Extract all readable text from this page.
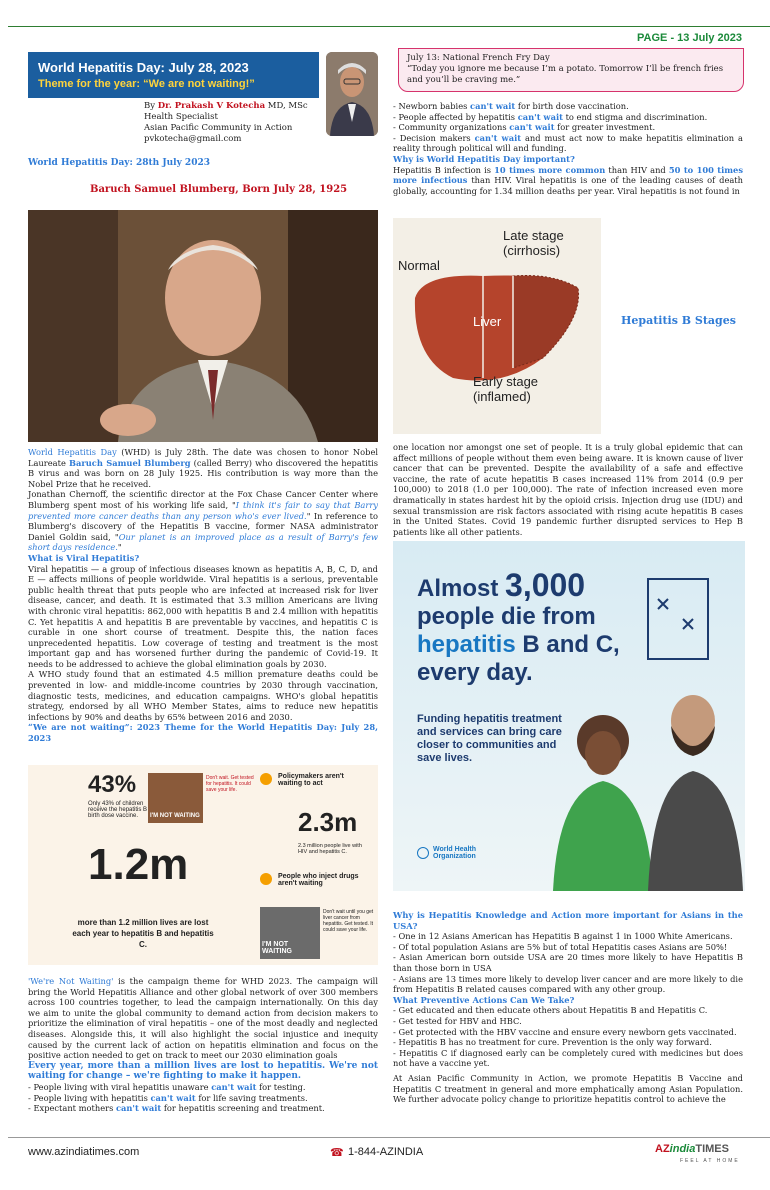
PAGE - 13 July 2023
World Hepatitis Day: July 28, 2023
Theme for the year: “We are not waiting!”
By Dr. Prakash V Kotecha MD, MSc
Health Specialist
Asian Pacific Community in Action
pvkotecha@gmail.com
July 13: National French Fry Day
“Today you ignore me because I’m a potato. Tomorrow I’ll be french fries and you’ll be craving me.”
World Hepatitis Day: 28th July 2023
Baruch Samuel Blumberg, Born July 28, 1925

World Hepatitis Day (WHD) is July 28th. The date was chosen to honor Nobel Laureate Baruch Samuel Blumberg (called Berry) who discovered the hepatitis B virus and was born on 28 July 1925. His contribution is way more than the Nobel Prize that he received.

Jonathan Chernoff, the scientific director at the Fox Chase Cancer Center where Blumberg spent most of his working life said, "I think it's fair to say that Barry prevented more cancer deaths than any person who's ever lived." In reference to Blumberg's discovery of the Hepatitis B vaccine, former NASA administrator Daniel Goldin said, "Our planet is an improved place as a result of Barry's few short days residence."

What is Viral Hepatitis?

Viral hepatitis — a group of infectious diseases known as hepatitis A, B, C, D, and E — affects millions of people worldwide. Viral hepatitis is a serious, preventable public health threat that puts people who are infected at increased risk for liver disease, cancer, and death. It is estimated that 3.3 million Americans are living with chronic viral hepatitis: 862,000 with hepatitis B and 2.4 million with hepatitis C. Yet hepatitis A and hepatitis B are preventable by vaccines, and hepatitis C is curable in one short course of treatment. Despite this, the nation faces unprecedented hepatitis. Low coverage of testing and treatment is the most important gap and has worsened further during the pandemic of Covid-19. It needs to be addressed to achieve the global elimination goals by 2030.

A WHO study found that an estimated 4.5 million premature deaths could be prevented in low- and middle-income countries by 2030 through vaccination, diagnostic tests, medicines, and education campaigns. WHO's global hepatitis strategy, endorsed by all WHO Member States, aims to reduce new hepatitis infections by 90% and deaths by 65% between 2016 and 2030.

“We are not waiting”: 2023 Theme for the World Hepatitis Day: July 28, 2023

43%
Only 43% of children receive the hepatitis B birth dose vaccine.	I'M NOT WAITING
Don't wait. Get tested for hepatitis. It could save your life.
1.2m
more than 1.2 million lives are lost each year to hepatitis B and hepatitis C.
Policymakers aren't waiting to act
2.3m
2.3 million people live with HIV and hepatitis C.
People who inject drugs aren't waiting
I'M NOT WAITING
Don't wait until you get liver cancer from hepatitis. Get tested. It could save your life.

'We're Not Waiting' is the campaign theme for WHD 2023. The campaign will bring the World Hepatitis Alliance and other global network of over 300 members across 100 countries together, to lead the campaign internationally. On this day we aim to unite the global community to demand action from decision makers to prioritize the elimination of viral hepatitis – one of the most deadly and neglected diseases. Alongside this, it will also highlight the social injustice and inequity caused by the current lack of action on hepatitis elimination and focus on the positive action needed to get on track to meet our 2030 elimination goals

Every year, more than a million lives are lost to hepatitis. We're not waiting for change – we're fighting to make it happen.

- People living with viral hepatitis unaware can't wait for testing.
- People living with hepatitis can't wait for life saving treatments.
- Expectant mothers can't wait for hepatitis screening and treatment.
- Newborn babies can't wait for birth dose vaccination.
- People affected by hepatitis can't wait to end stigma and discrimination.
- Community organizations can't wait for greater investment.
- Decision makers can't wait and must act now to make hepatitis elimination a reality through political will and funding.

Why is World Hepatitis Day important?

Hepatitis B infection is 10 times more common than HIV and 50 to 100 times more infectious than HIV. Viral hepatitis is one of the leading causes of death globally, accounting for 1.34 million deaths per year. Viral hepatitis is not found in

Normal
Late stage (cirrhosis)
Liver
Early stage (inflamed)
Hepatitis B Stages

one location nor amongst one set of people. It is a truly global epidemic that can affect millions of people without them even being aware. It is known cause of liver cancer that can be prevented. Despite the availability of a safe and effective vaccine, the rate of acute hepatitis B cases increased 11% from 2014 (0.9 per 100,000) to 2018 (1.0 per 100,000). The rate of infection increased even more dramatically in states hardest hit by the opioid crisis. Injection drug use (IDU) and sexual transmission are risk factors associated with rising acute hepatitis B cases in the United States. Covid 19 pandemic further disrupted services to Hep B patients like all other patients.

Almost 3,000 people die from hepatitis B and C, every day.
Funding hepatitis treatment and services can bring care closer to communities and save lives.
World Health Organization

Why is Hepatitis Knowledge and Action more important for Asians in the USA?

- One in 12 Asians American has Hepatitis B against 1 in 1000 White Americans.
- Of total population Asians are 5% but of total Hepatitis cases Asians are 50%!
- Asian American born outside USA are 20 times more likely to have Hepatitis B than those born in USA
- Asians are 13 times more likely to develop liver cancer and are more likely to die from Hepatitis B related causes compared with any other group.

What Preventive Actions Can We Take?

- Get educated and then educate others about Hepatitis B and Hepatitis C.
- Get tested for HBV and HBC.
- Get protected with the HBV vaccine and ensure every newborn gets vaccinated.
- Hepatitis B has no treatment for cure. Prevention is the only way forward.
- Hepatitis C if diagnosed early can be completely cured with medicines but does not have a vaccine yet.

At Asian Pacific Community in Action, we promote Hepatitis B Vaccine and Hepatitis C treatment in general and more emphatically among Asian Population. We further advocate policy change to prioritize hepatitis control to achieve the

www.azindiatimes.com	☎ 1-844-AZINDIA	AZindiaTIMES
FEEL AT HOME
